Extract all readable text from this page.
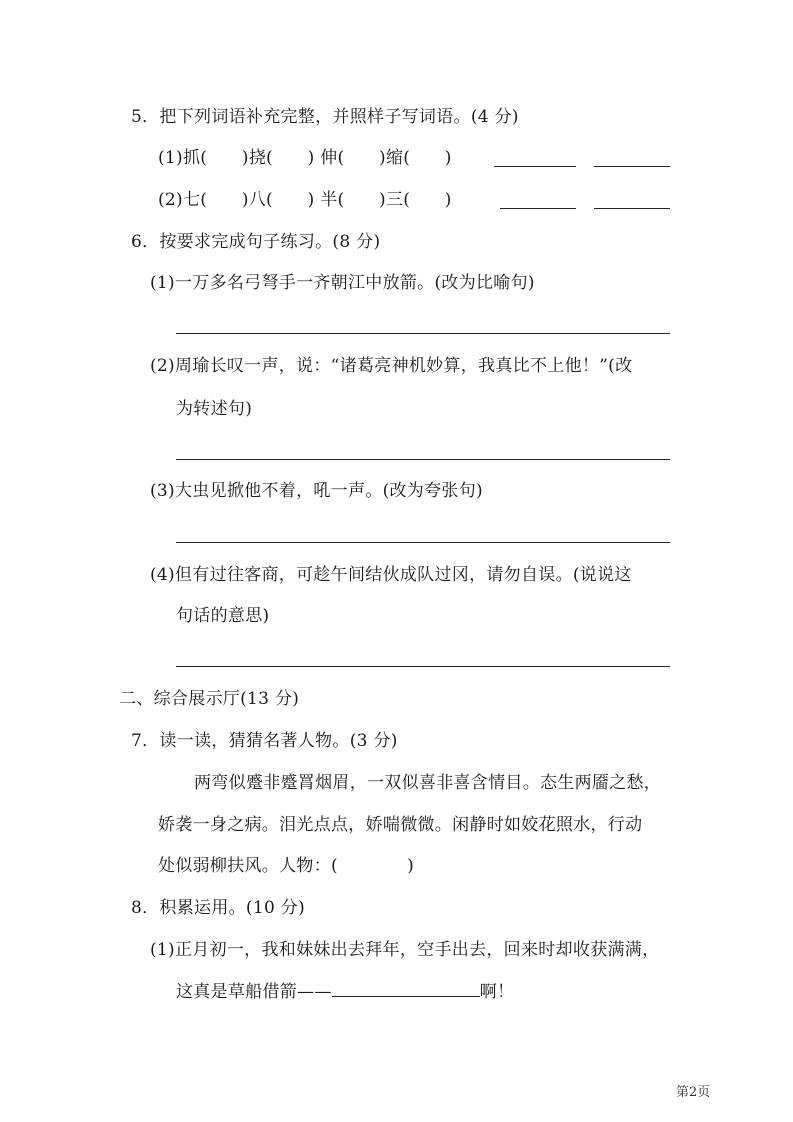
5．把下列词语补充完整，并照样子写词语。(4 分)
(1)抓(　　)挠(　　) 伸(　　)缩(　　)
(2)七(　　)八(　　) 半(　　)三(　　)
6．按要求完成句子练习。(8 分)
(1)一万多名弓弩手一齐朝江中放箭。(改为比喻句)
(2)周瑜长叹一声，说：“诸葛亮神机妙算，我真比不上他！”(改
为转述句)
(3)大虫见掀他不着，吼一声。(改为夸张句)
(4)但有过往客商，可趁午间结伙成队过冈，请勿自误。(说说这
句话的意思)
二、综合展示厅(13 分)
7．读一读，猜猜名著人物。(3 分)
两弯似蹙非蹙罥烟眉，一双似喜非喜含情目。态生两靥之愁，
娇袭一身之病。泪光点点，娇喘微微。闲静时如姣花照水，行动
处似弱柳扶风。人物：(　　　　)
8．积累运用。(10 分)
(1)正月初一，我和妹妹出去拜年，空手出去，回来时却收获满满，
这真是草船借箭——	啊！
第2页
